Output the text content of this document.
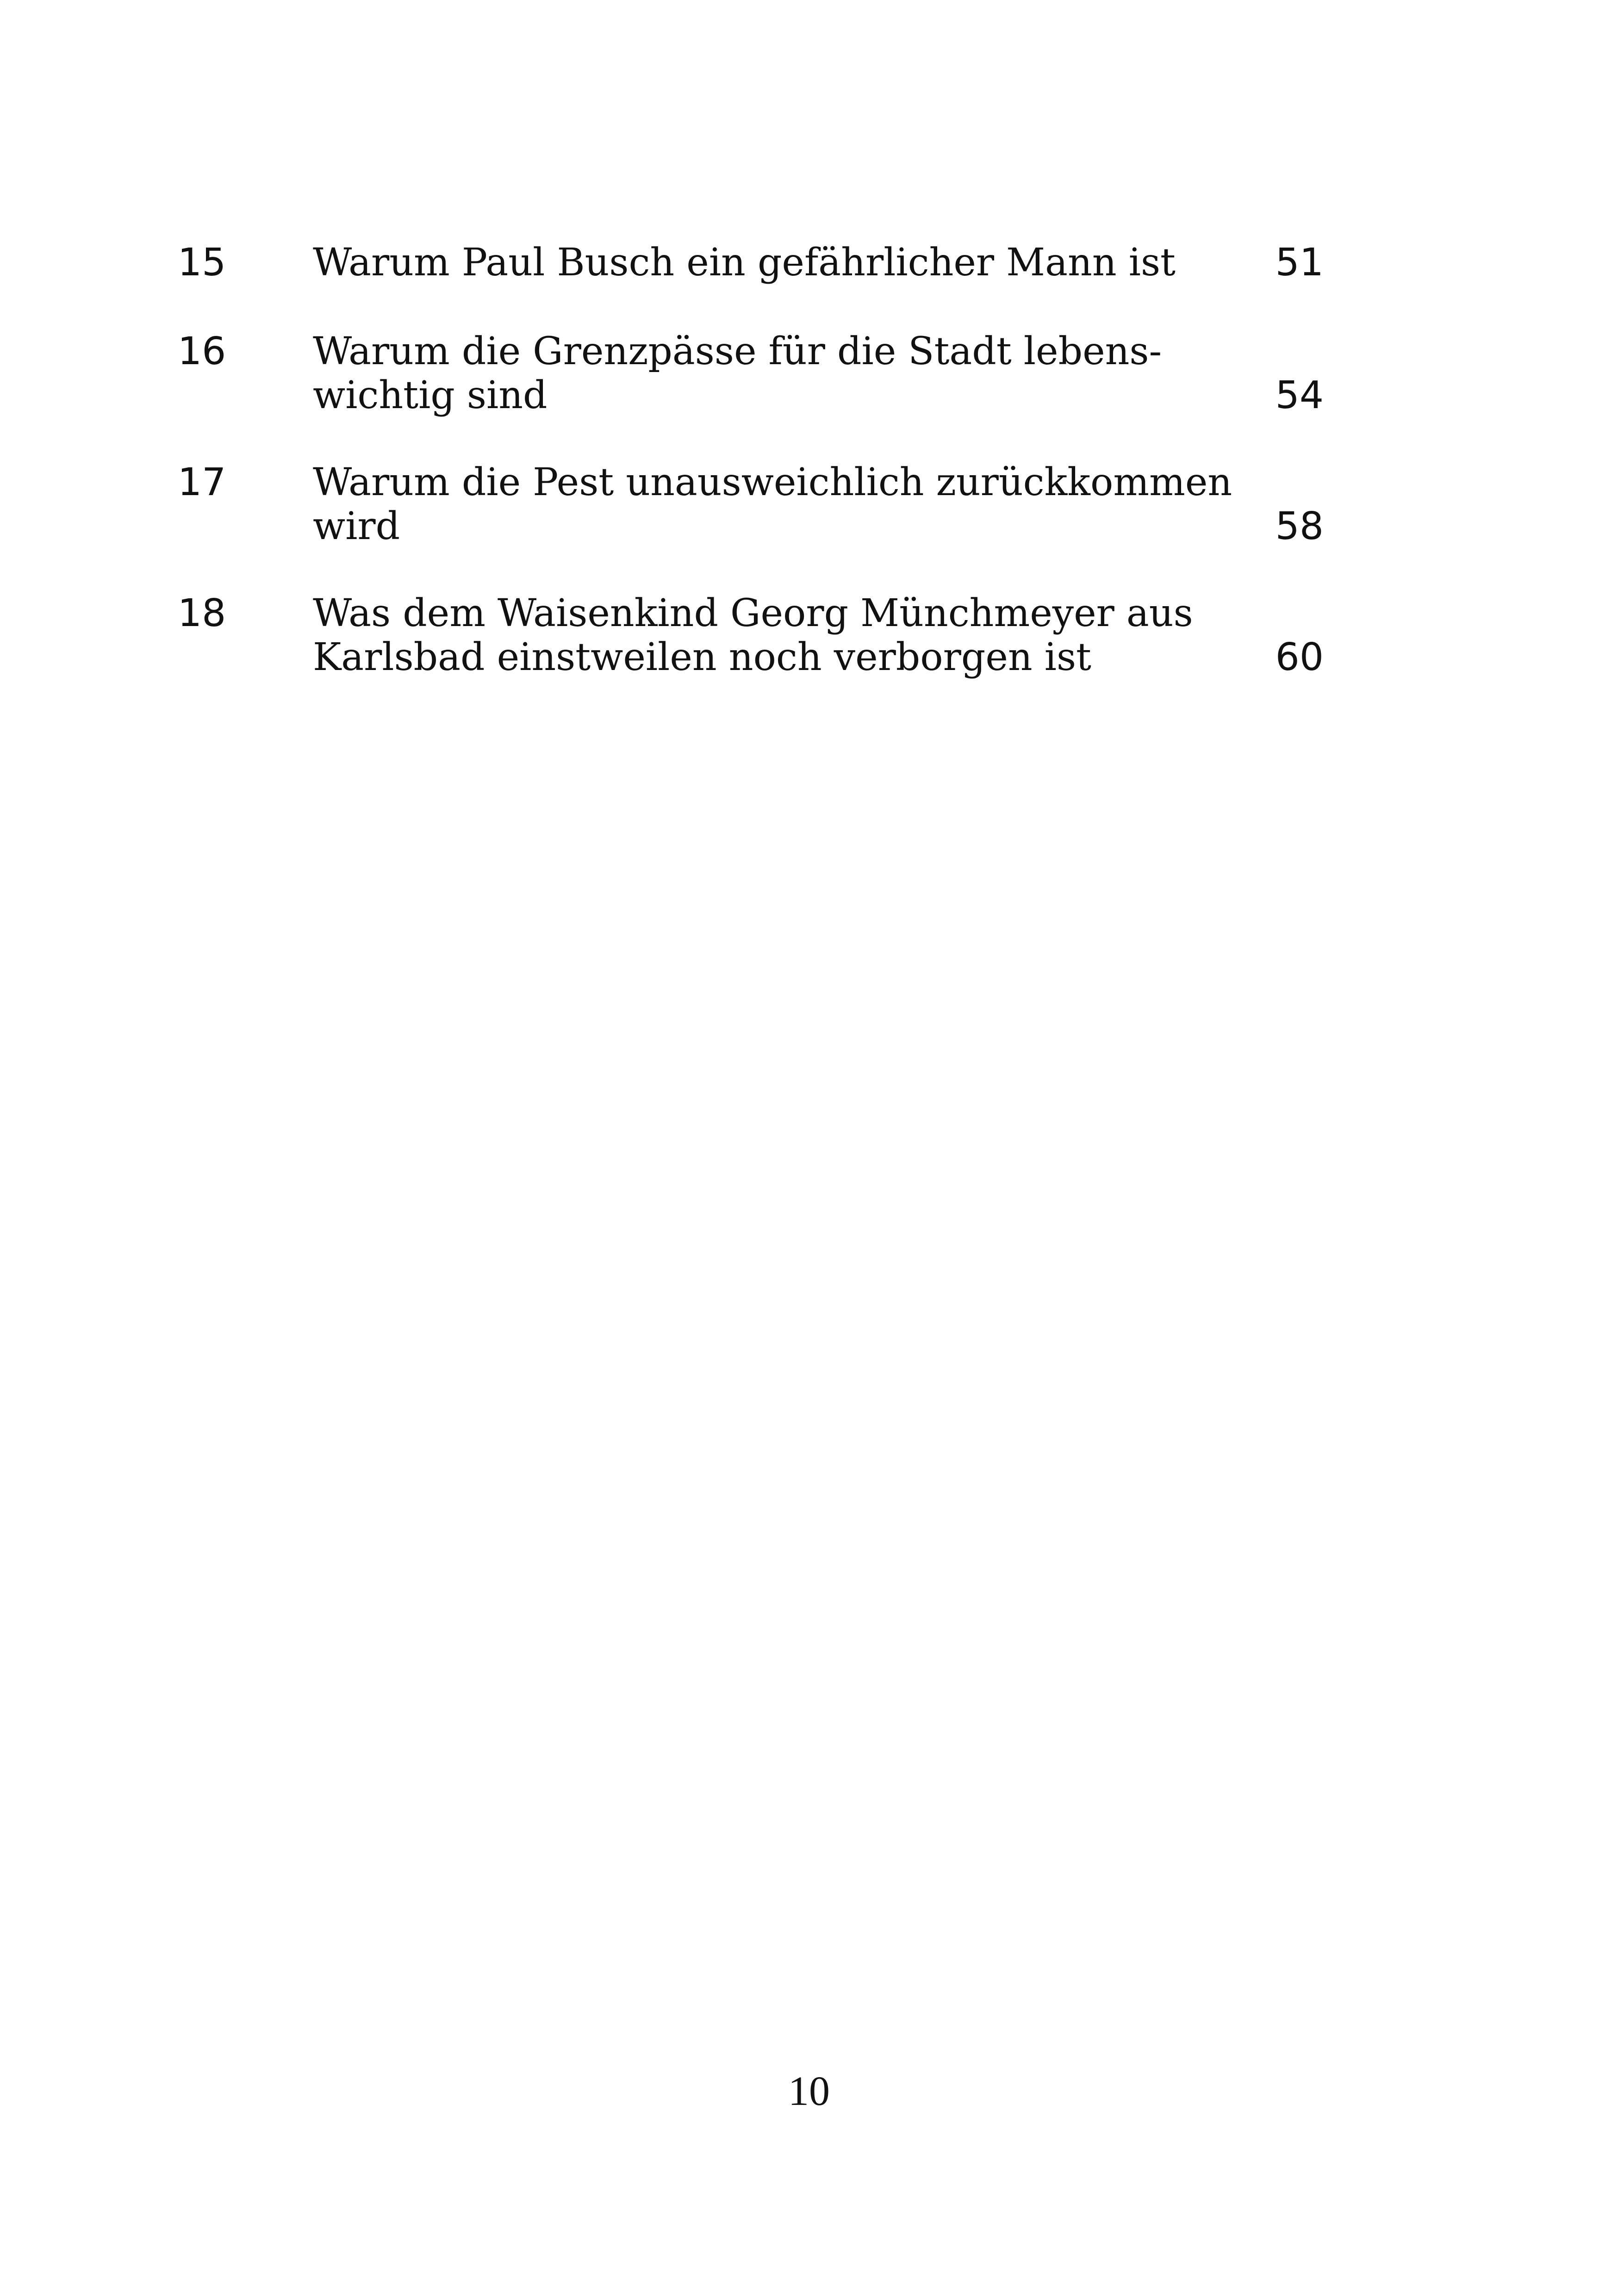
15 Warum Paul Busch ein gefährlicher Mann ist	51
16 Warum die Grenzpässe für die Stadt lebens-
wichtig sind	54
17 Warum die Pest unausweichlich zurückkommen
wird	58
18 Was dem Waisenkind Georg Münchmeyer aus
Karlsbad einstweilen noch verborgen ist	60
10
